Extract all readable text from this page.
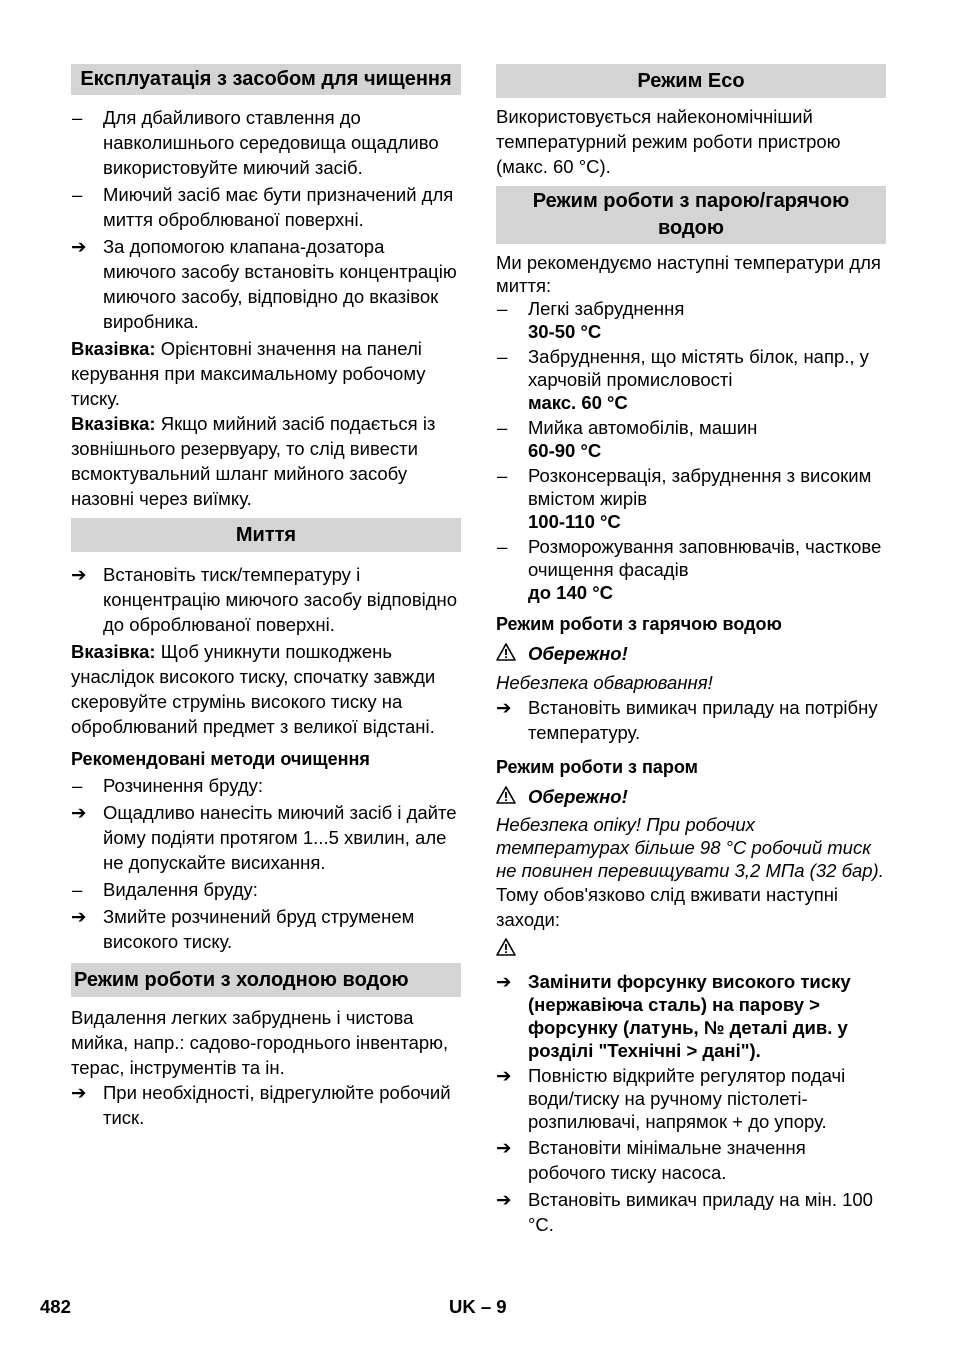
Експлуатація з засобом для чищення
–	Для дбайливого ставлення до навколишнього середовища ощадливо використовуйте миючий засіб.
–	Миючий засіб має бути призначений для миття оброблюваної поверхні.
➔ За допомогою клапана-дозатора миючого засобу встановіть концентрацію миючого засобу, відповідно до вказівок виробника.

Вказівка: Орієнтовні значення на панелі керування при максимальному робочому тиску.

Вказівка: Якщо мийний засіб подається із зовнішнього резервуару, то слід вивести всмоктувальний шланг мийного засобу назовні через виїмку.

Миття
➔ Встановіть тиск/температуру і концентрацію миючого засобу відповідно до оброблюваної поверхні.

Вказівка: Щоб уникнути пошкоджень унаслідок високого тиску, спочатку завжди скеровуйте струмінь високого тиску на оброблюваний предмет з великої відстані.

Рекомендовані методи очищення
–	Розчинення бруду:
➔ Ощадливо нанесіть миючий засіб і дайте йому подіяти протягом 1...5 хвилин, але не допускайте висихання.
–	Видалення бруду:
➔ Змийте розчинений бруд струменем високого тиску.
Режим роботи з холодною водою

Видалення легких забруднень і чистова мийка, напр.: садово-городнього інвентарю, терас, інструментів та ін.

➔ При необхідності, відрегулюйте робочий тиск.
Режим Eco

Використовується найекономічніший температурний режим роботи пристрою (макс. 60 °C).

Режим роботи з парою/гарячою водою

Ми рекомендуємо наступні температури для миття:

–	Легкі забруднення
30-50 °C
–	Забруднення, що містять білок, напр., у харчовій промисловості
макс. 60 °C
–	Мийка автомобілів, машин
60-90 °C
–	Розконсервація, забруднення з високим вмістом жирів
100-110 °C
–	Розморожування заповнювачів, часткове очищення фасадів
до 140 °C
Режим роботи з гарячою водою
Обережно!

Небезпека обварювання!

➔ Встановіть вимикач приладу на потрібну температуру.
Режим роботи з паром
Обережно!

Небезпека опіку! При робочих температурах більше 98 °C робочий тиск не повинен перевищувати 3,2 МПа (32 бар).

Тому обов'язково слід вживати наступні заходи:

➔ Замінити форсунку високого тиску (нержавіюча сталь) на парову > форсунку (латунь, № деталі див. у розділі "Технічні > дані").
➔ Повністю відкрийте регулятор подачі води/тиску на ручному пістолеті-розпилювачі, напрямок + до упору.
➔ Встановіти мінімальне значення робочого тиску насоса.
➔ Встановіть вимикач приладу на мін. 100 °C.
482	UK – 9
